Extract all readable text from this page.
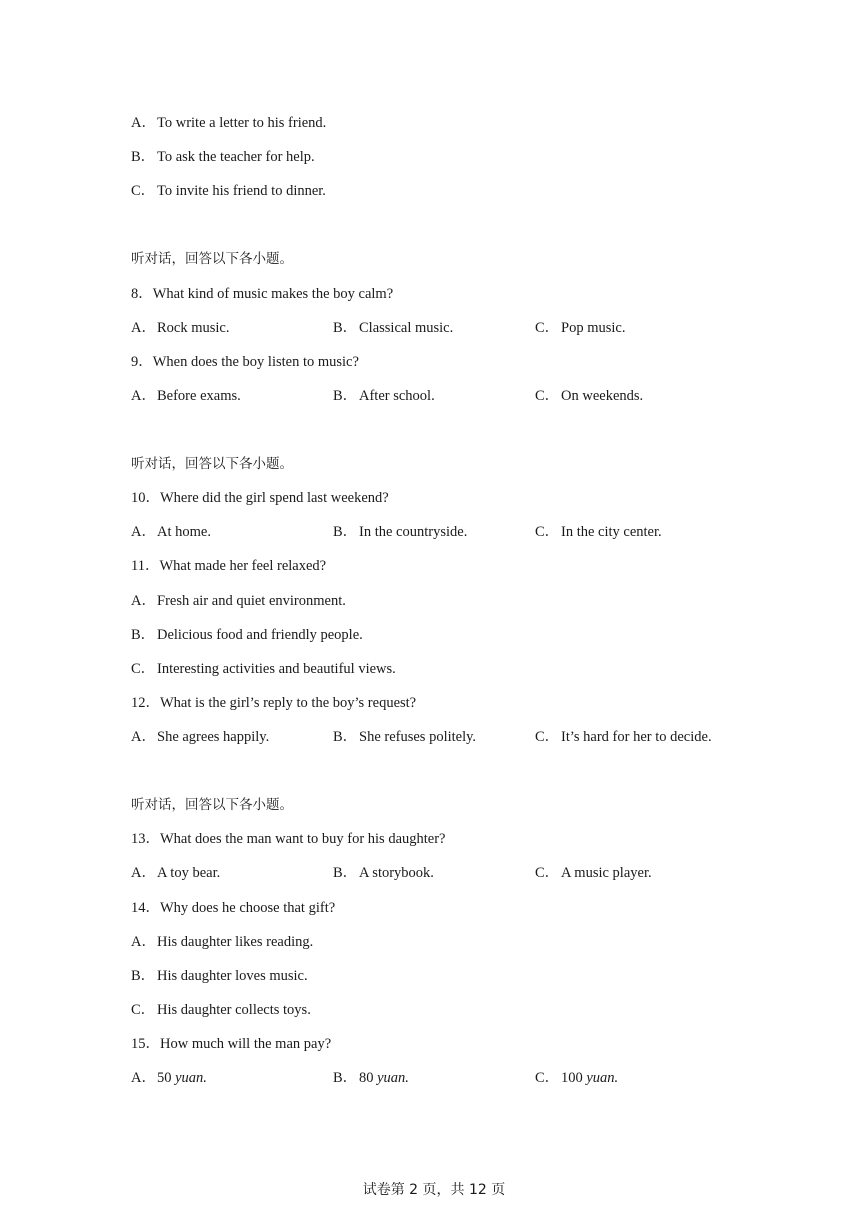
A．To write a letter to his friend.
B． To ask the teacher for help.
C． To invite his friend to dinner.
听对话，回答以下各小题。
8．What kind of music makes the boy calm?
A．Rock music.	B． Classical music.	C． Pop music.
9．When does the boy listen to music?
A．Before exams.	B． After school.	C． On weekends.
听对话，回答以下各小题。
10．Where did the girl spend last weekend?
A．At home.	B． In the countryside.	C． In the city center.
11．What made her feel relaxed?
A．Fresh air and quiet environment.
B． Delicious food and friendly people.
C． Interesting activities and beautiful views.
12．What is the girl’s reply to the boy’s request?
A．She agrees happily.	B． She refuses politely.	C． It’s hard for her to decide.
听对话，回答以下各小题。
13．What does the man want to buy for his daughter?
A．A toy bear.	B． A storybook.	C． A music player.
14．Why does he choose that gift?
A．His daughter likes reading.
B． His daughter loves music.
C． His daughter collects toys.
15．How much will the man pay?
A．50 yuan.	B． 80 yuan.	C． 100 yuan.
试卷第 2 页，共 12 页
